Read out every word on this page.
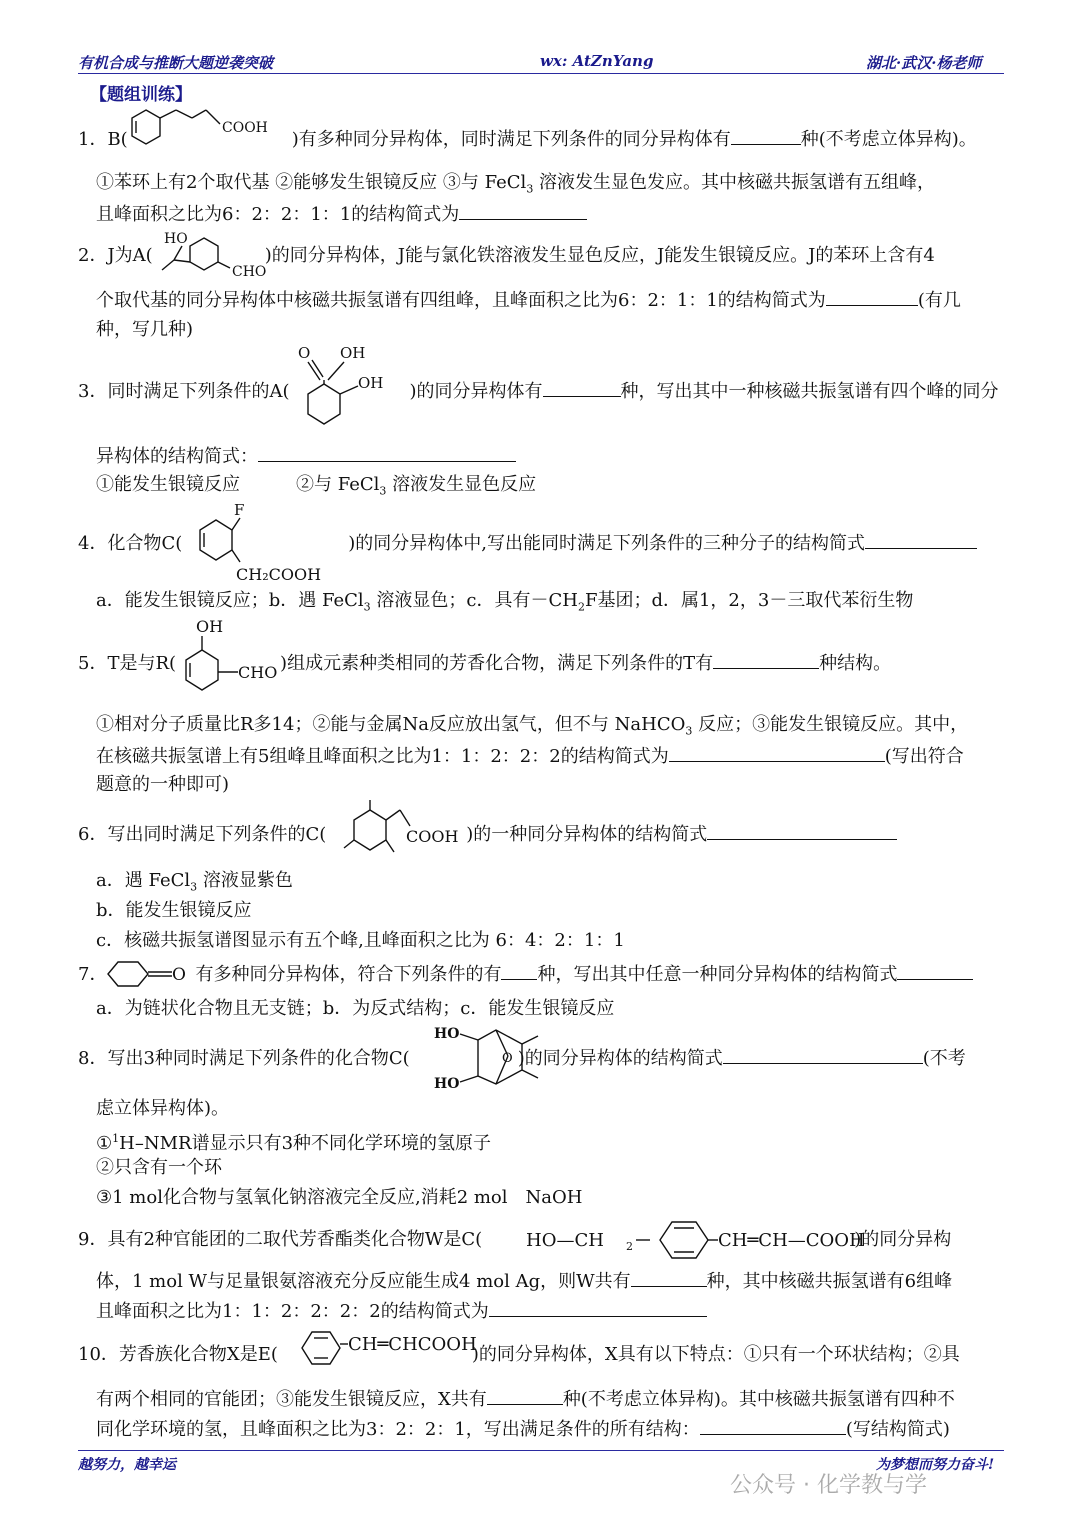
有机合成与推断大题逆袭突破	wx: AtZnYang	湖北·武汉·杨老师
【题组训练】
1．B(	)有多种同分异构体，同时满足下列条件的同分异构体有	种(不考虑立体异构)。
COOH
①苯环上有2个取代基 ②能够发生银镜反应 ③与 FeCl$_3$ 溶液发生显色发应。其中核磁共振氢谱有五组峰，
且峰面积之比为6：2：2：1：1的结构简式为
2．J为A(	)的同分异构体，J能与氯化铁溶液发生显色反应，J能发生银镜反应。J的苯环上含有4
HO
CHO
个取代基的同分异构体中核磁共振氢谱有四组峰，且峰面积之比为6：2：1：1的结构简式为	(有几
种，写几种)
O OH
OH
3．同时满足下列条件的A(	)的同分异构体有	种，写出其中一种核磁共振氢谱有四个峰的同分
异构体的结构简式：
①能发生银镜反应	②与 FeCl$_3$ 溶液发生显色反应
F
CH₂COOH
4．化合物C(	)的同分异构体中,写出能同时满足下列条件的三种分子的结构简式
a．能发生银镜反应；b．遇 FeCl$_3$ 溶液显色；c．具有$-CH_2F$基团；d．属1，2，3－三取代苯衍生物
OH
CHO
5．T是与R(	)组成元素种类相同的芳香化合物，满足下列条件的T有	种结构。
①相对分子质量比R多14；②能与金属Na反应放出氢气，但不与 NaHCO$_3$ 反应；③能发生银镜反应。其中，
在核磁共振氢谱上有5组峰且峰面积之比为1：1：2：2：2的结构简式为	(写出符合
题意的一种即可)
COOH
6．写出同时满足下列条件的C(	)的一种同分异构体的结构简式
a．遇 FeCl$_3$ 溶液显紫色
b．能发生银镜反应
c．核磁共振氢谱图显示有五个峰,且峰面积之比为 6：4：2：1：1
O
7．	有多种同分异构体，符合下列条件的有 种，写出其中任意一种同分异构体的结构简式
a．为链状化合物且无支链；b．为反式结构；c．能发生银镜反应
HO
HO
O
8．写出3种同时满足下列条件的化合物C(	)的同分异构体的结构简式	(不考
虑立体异构体)。
①$^1$H–NMR谱显示只有3种不同化学环境的氢原子
②只含有一个环
③1 mol化合物与氢氧化钠溶液完全反应,消耗2 mol　NaOH
9．具有2种官能团的二取代芳香酯类化合物W是C(	)的同分异构
HO—CH 2	CH═CH—COOH
体，1 mol W与足量银氨溶液充分反应能生成4 mol Ag，则W共有	种，其中核磁共振氢谱有6组峰
且峰面积之比为1：1：2：2：2：2的结构简式为
10．芳香族化合物X是E(	)的同分异构体，X具有以下特点：①只有一个环状结构；②具
CH═CHCOOH
有两个相同的官能团；③能发生银镜反应，X共有	种(不考虑立体异构)。其中核磁共振氢谱有四种不
同化学环境的氢，且峰面积之比为3：2：2：1，写出满足条件的所有结构：	(写结构简式)
越努力，越幸运	为梦想而努力奋斗!
公众号 · 化学教与学
